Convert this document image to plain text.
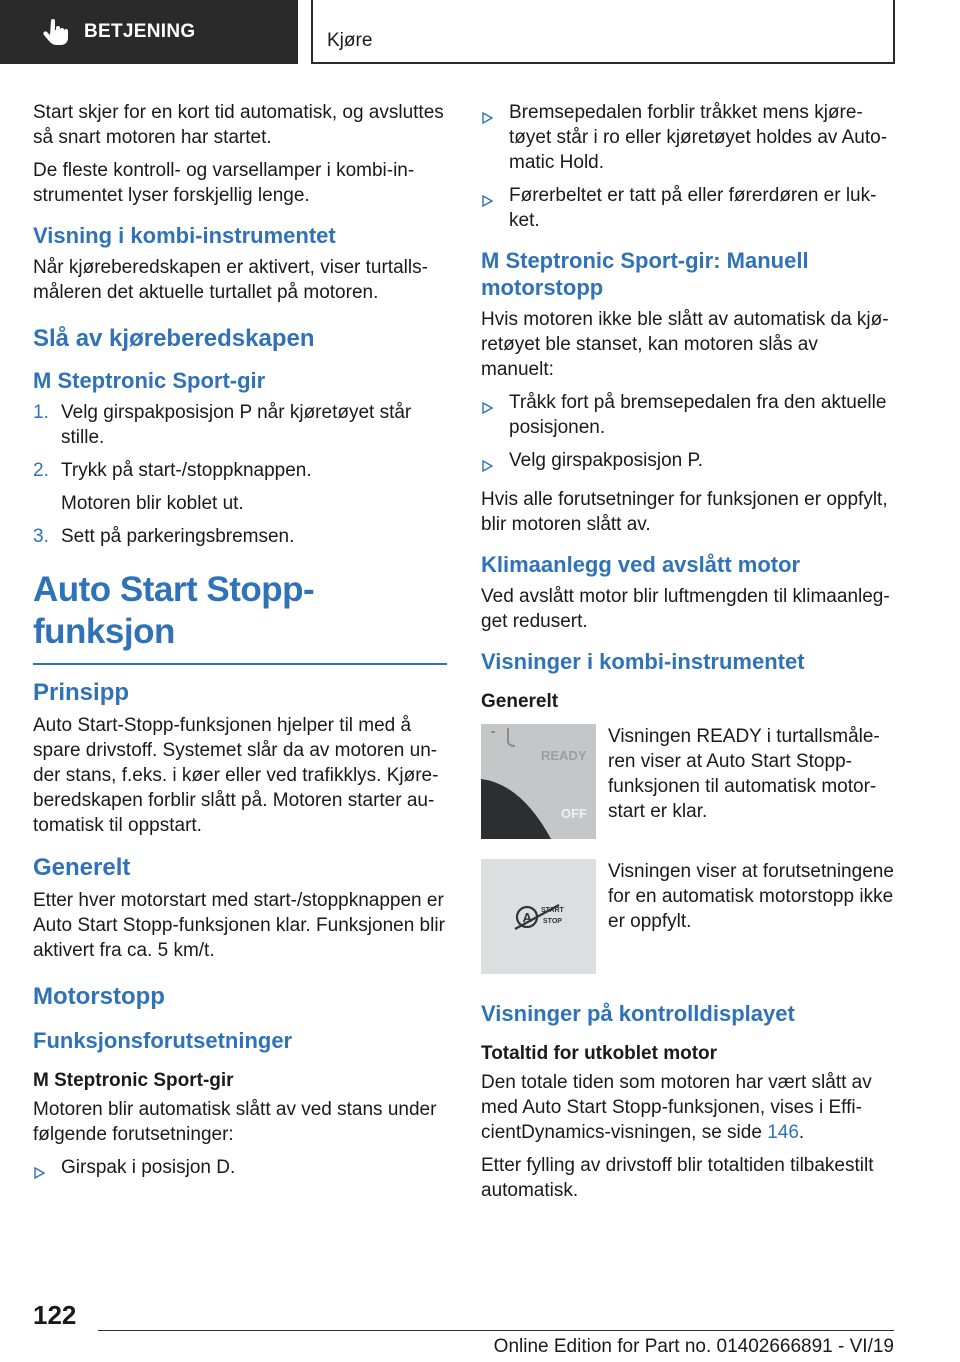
BETJENING	Kjøre

Start skjer for en kort tid automatisk, og avsluttes så snart motoren har startet.

De fleste kontroll- og varsellamper i kombi-in- strumentet lyser forskjellig lenge.

Visning i kombi-instrumentet

Når kjøreberedskapen er aktivert, viser turtalls- måleren det aktuelle turtallet på motoren.

Slå av kjøreberedskapen
M Steptronic Sport-gir
1. Velg girspakposisjon P når kjøretøyet står stille.
2. Trykk på start-/stoppknappen.
Motoren blir koblet ut.
3. Sett på parkeringsbremsen.
Auto Start Stopp-funksjon
Prinsipp

Auto Start-Stopp-funksjonen hjelper til med å spare drivstoff. Systemet slår da av motoren un- der stans, f.eks. i køer eller ved trafikklys. Kjøre- beredskapen forblir slått på. Motoren starter au- tomatisk til oppstart.

Generelt

Etter hver motorstart med start-/stoppknappen er Auto Start Stopp-funksjonen klar. Funksjonen blir aktivert fra ca. 5 km/t.

Motorstopp
Funksjonsforutsetninger
M Steptronic Sport-gir

Motoren blir automatisk slått av ved stans under følgende forutsetninger:

Girspak i posisjon D.
Bremsepedalen forblir tråkket mens kjøre- tøyet står i ro eller kjøretøyet holdes av Auto- matic Hold.
Førerbeltet er tatt på eller førerdøren er luk- ket.
M Steptronic Sport-gir: Manuell motorstopp

Hvis motoren ikke ble slått av automatisk da kjø- retøyet ble stanset, kan motoren slås av manuelt:

Tråkk fort på bremsepedalen fra den aktuelle posisjonen.
Velg girspakposisjon P.

Hvis alle forutsetninger for funksjonen er oppfylt, blir motoren slått av.

Klimaanlegg ved avslått motor

Ved avslått motor blir luftmengden til klimaanleg- get redusert.

Visninger i kombi-instrumentet
Generelt
READY
OFF

Visningen READY i turtallsmåle- ren viser at Auto Start Stopp- funksjonen til automatisk motor- start er klar.

A START
STOP

Visningen viser at forutsetningene for en automatisk motorstopp ikke er oppfylt.

Visninger på kontrolldisplayet
Totaltid for utkoblet motor

Den totale tiden som motoren har vært slått av med Auto Start Stopp-funksjonen, vises i Effi- cientDynamics-visningen, se side 146.

Etter fylling av drivstoff blir totaltiden tilbakestilt automatisk.

122
Online Edition for Part no. 01402666891 - VI/19
